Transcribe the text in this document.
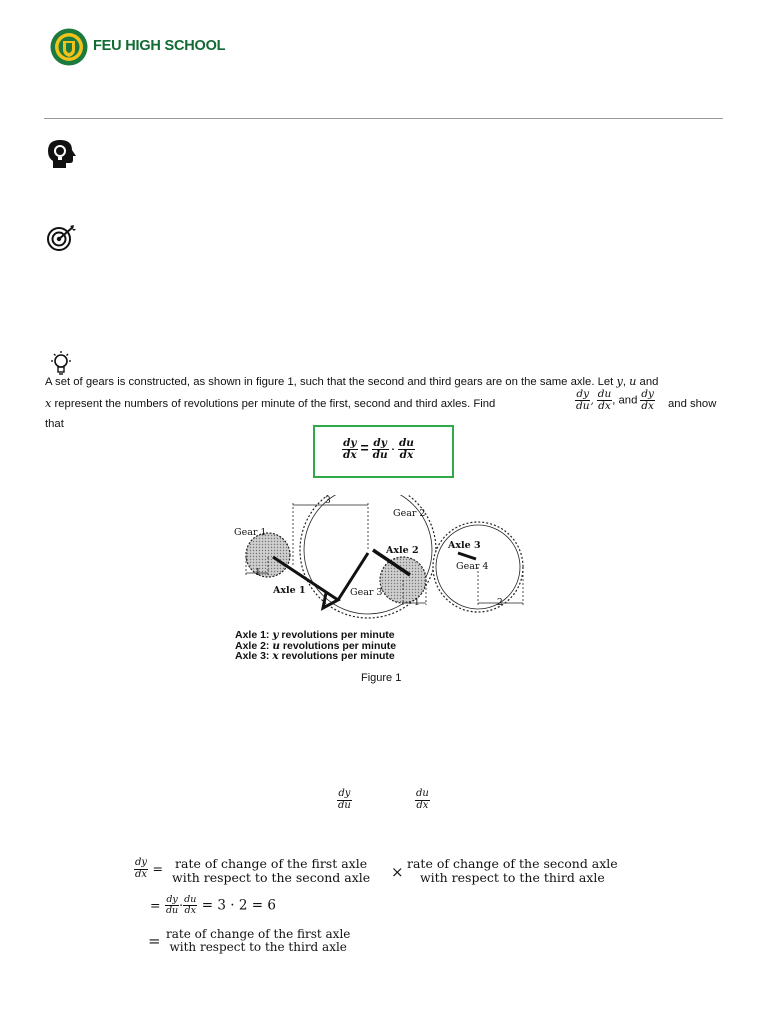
FEU HIGH SCHOOL
A set of gears is constructed, as shown in figure 1, such that the second and third gears are on the same axle. Let y, u and
x represent the numbers of revolutions per minute of the first, second and third axles. Find	$\frac{dy}{du}$ , $\frac{du}{dx}$ , and $\frac{dy}{dx}$ and show
that
$\frac{dy}{dx} = \frac{dy}{du} \cdot \frac{du}{dx}$
Gear 1
Gear 2
Gear 3
Gear 4
Axle 1
Axle 2	Axle 3
3
1
1	2
Axle 1: y revolutions per minute
Axle 2: u revolutions per minute
Axle 3: x revolutions per minute
Figure 1
$\frac{dy}{du}$	$\frac{du}{dx}$
$\frac{dy}{dx}$ = rate of change of the first axle
with respect to the second axle × rate of change of the second axle
with respect to the third axle
= $\frac{dy}{du} \cdot \frac{du}{dx} = 3 \cdot 2 = 6$
= rate of change of the first axle
with respect to the third axle
